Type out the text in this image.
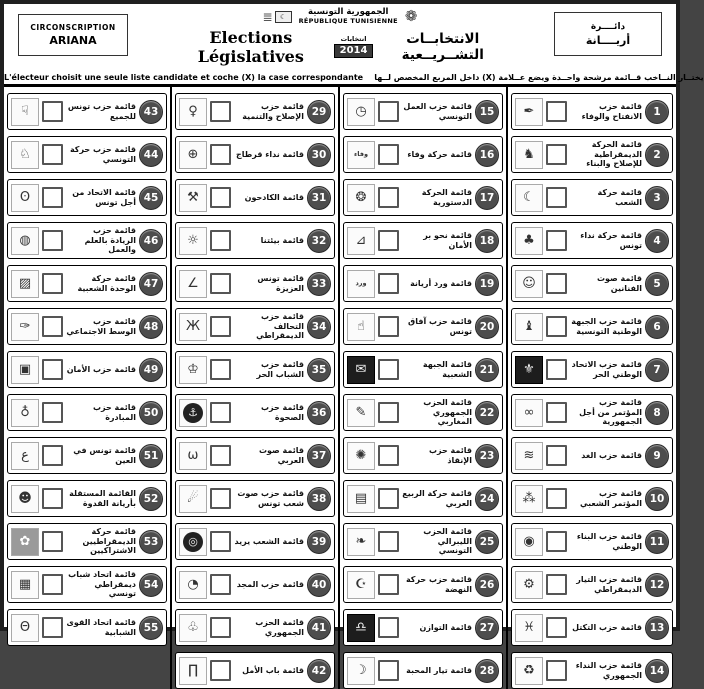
CIRCONSCRIPTION
ARIANA
دائــــرة
أريــــانة
≣	☾	الجمهورية التونسية
RÉPUBLIQUE TUNISIENNE ❁
Elections Législatives
انتخابات
2014
الانتخابــات التشــريــعية
L'électeur choisit une seule liste candidate et coche (X) la case correspondante يختــار النــاخب قــائمة مرشحة واحــدة ويضع عــلامة (X) داخل المربع المخصص لــها
☟	قائمة حزب تونس للجميع 43
♘	قائمة حزب حركة التونسي 44
ʘ	قائمة الاتحاد من أجل تونس 45
◍
قائمة حزب الريادة بالعلم والعمل
46
▨	قائمة حركة الوحدة الشعبية 47
✑	قائمة حزب الوسط الاجتماعي 48
▣	قائمة حزب الأمان 49
♁	قائمة حزب المبادرة 50
ع	قائمة تونس في العين 51
☻	القائمة المستقلة بأريانة القدوة 52
✿
قائمة حركة الديمقراطيين الاشتراكيين
53
▦
قائمة اتحاد شباب ديمقراطي تونسي
54
Θ	قائمة اتحاد القوى الشبابية 55
♀	قائمة حزب الإصلاح والتنمية 29
⊕	قائمة نداء قرطاج 30
⚒	قائمة الكادحون 31
☼	قائمة بيئتنا 32
∠	قائمة تونس العزيزة 33
Ж
قائمة حزب التحالف الديمقراطي
34
♔	قائمة حزب الشباب الحر 35
⚓	قائمة حزب الصحوة 36
ω	قائمة صوت العربي 37
☄	قائمة حزب صوت شعب تونس 38
◎	قائمة الشعب يريد 39
◔	قائمة حزب المجد 40
♧	قائمة الحزب الجمهوري 41
∏	قائمة باب الأمل 42
◷	قائمة حزب العمل التونسي 15
وفاء	قائمة حركة وفاء 16
❂	قائمة الحركة الدستورية 17
⊿	قائمة نحو بر الأمان 18
ورد	قائمة ورد أريانة 19
☝	قائمة حزب آفاق تونس 20
✉	قائمة الجبهة الشعبية 21
✎
قائمة الحزب الجمهوري المغاربي
22
✺	قائمة حزب الإنقاذ 23
▤	قائمة حركة الربيع العربي 24
❧
قائمة الحزب الليبرالي التونسي
25
☪	قائمة حزب حركة النهضة 26
♎	قائمة التوازن 27
☽	قائمة تيار المحبة 28
✒	قائمة حزب الانفتاح والوفاء	1
♞
قائمة الحركة الديمقراطية للإصلاح والبناء
2
☾	قائمة حركة الشعب	3
♣	قائمة حركة نداء تونس	4
☺	قائمة صوت الفنانين	5
♝	قائمة حزب الجبهة الوطنية التونسية	6
⚜	قائمة حزب الاتحاد الوطني الحر	7
∞
قائمة حزب المؤتمر من أجل الجمهورية
8
≋	قائمة حزب الغد	9
⁂	قائمة حزب المؤتمر الشعبي 10
◉	قائمة حزب البناء الوطني 11
⚙	قائمة حزب التيار الديمقراطي 12
♓	قائمة حزب التكتل 13
♻	قائمة حزب النداء الجمهوري 14
